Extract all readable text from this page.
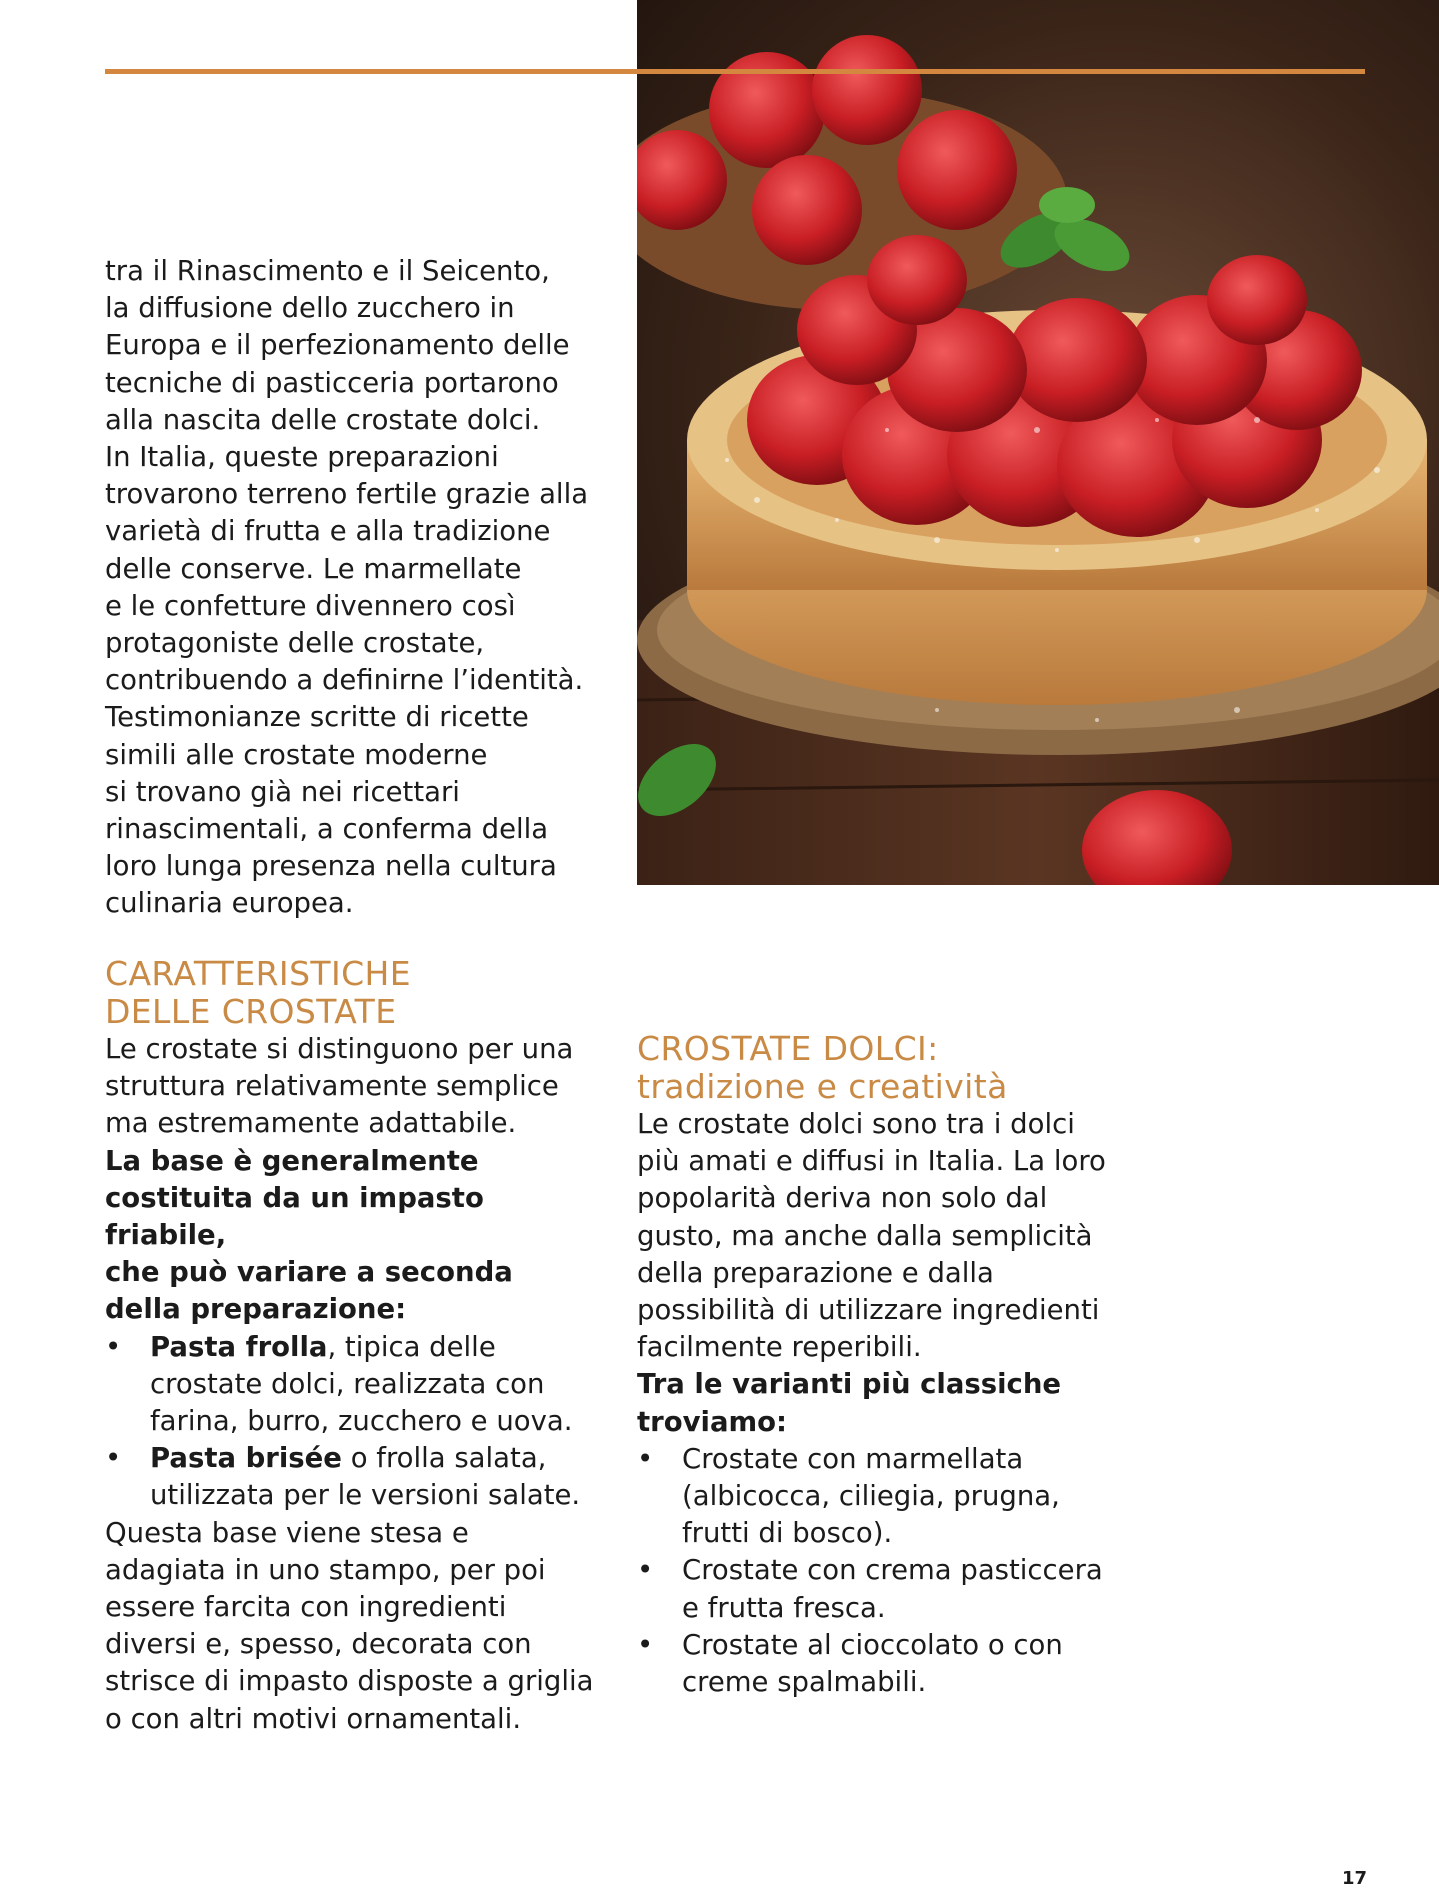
tra il Rinascimento e il Seicento,

la diffusione dello zucchero in

Europa e il perfezionamento delle

tecniche di pasticceria portarono

alla nascita delle crostate dolci.

In Italia, queste preparazioni

trovarono terreno fertile grazie alla

varietà di frutta e alla tradizione

delle conserve. Le marmellate

e le confetture divennero così

protagoniste delle crostate,

contribuendo a definirne l’identità.

Testimonianze scritte di ricette

simili alle crostate moderne

si trovano già nei ricettari

rinascimentali, a conferma della

loro lunga presenza nella cultura

culinaria europea.

CARATTERISTICHE
DELLE CROSTATE

Le crostate si distinguono per una

struttura relativamente semplice

ma estremamente adattabile.

La base è generalmente

costituita da un impasto friabile,

che può variare a seconda

della preparazione:

• Pasta frolla, tipica delle
crostate dolci, realizzata con
farina, burro, zucchero e uova.
• Pasta brisée o frolla salata,
utilizzata per le versioni salate.

Questa base viene stesa e

adagiata in uno stampo, per poi

essere farcita con ingredienti

diversi e, spesso, decorata con

strisce di impasto disposte a griglia

o con altri motivi ornamentali.

CROSTATE DOLCI:
tradizione e creatività

Le crostate dolci sono tra i dolci

più amati e diffusi in Italia. La loro

popolarità deriva non solo dal

gusto, ma anche dalla semplicità

della preparazione e dalla

possibilità di utilizzare ingredienti

facilmente reperibili.

Tra le varianti più classiche

troviamo:

• Crostate con marmellata
(albicocca, ciliegia, prugna,
frutti di bosco).
• Crostate con crema pasticcera
e frutta fresca.
• Crostate al cioccolato o con
creme spalmabili.
17
